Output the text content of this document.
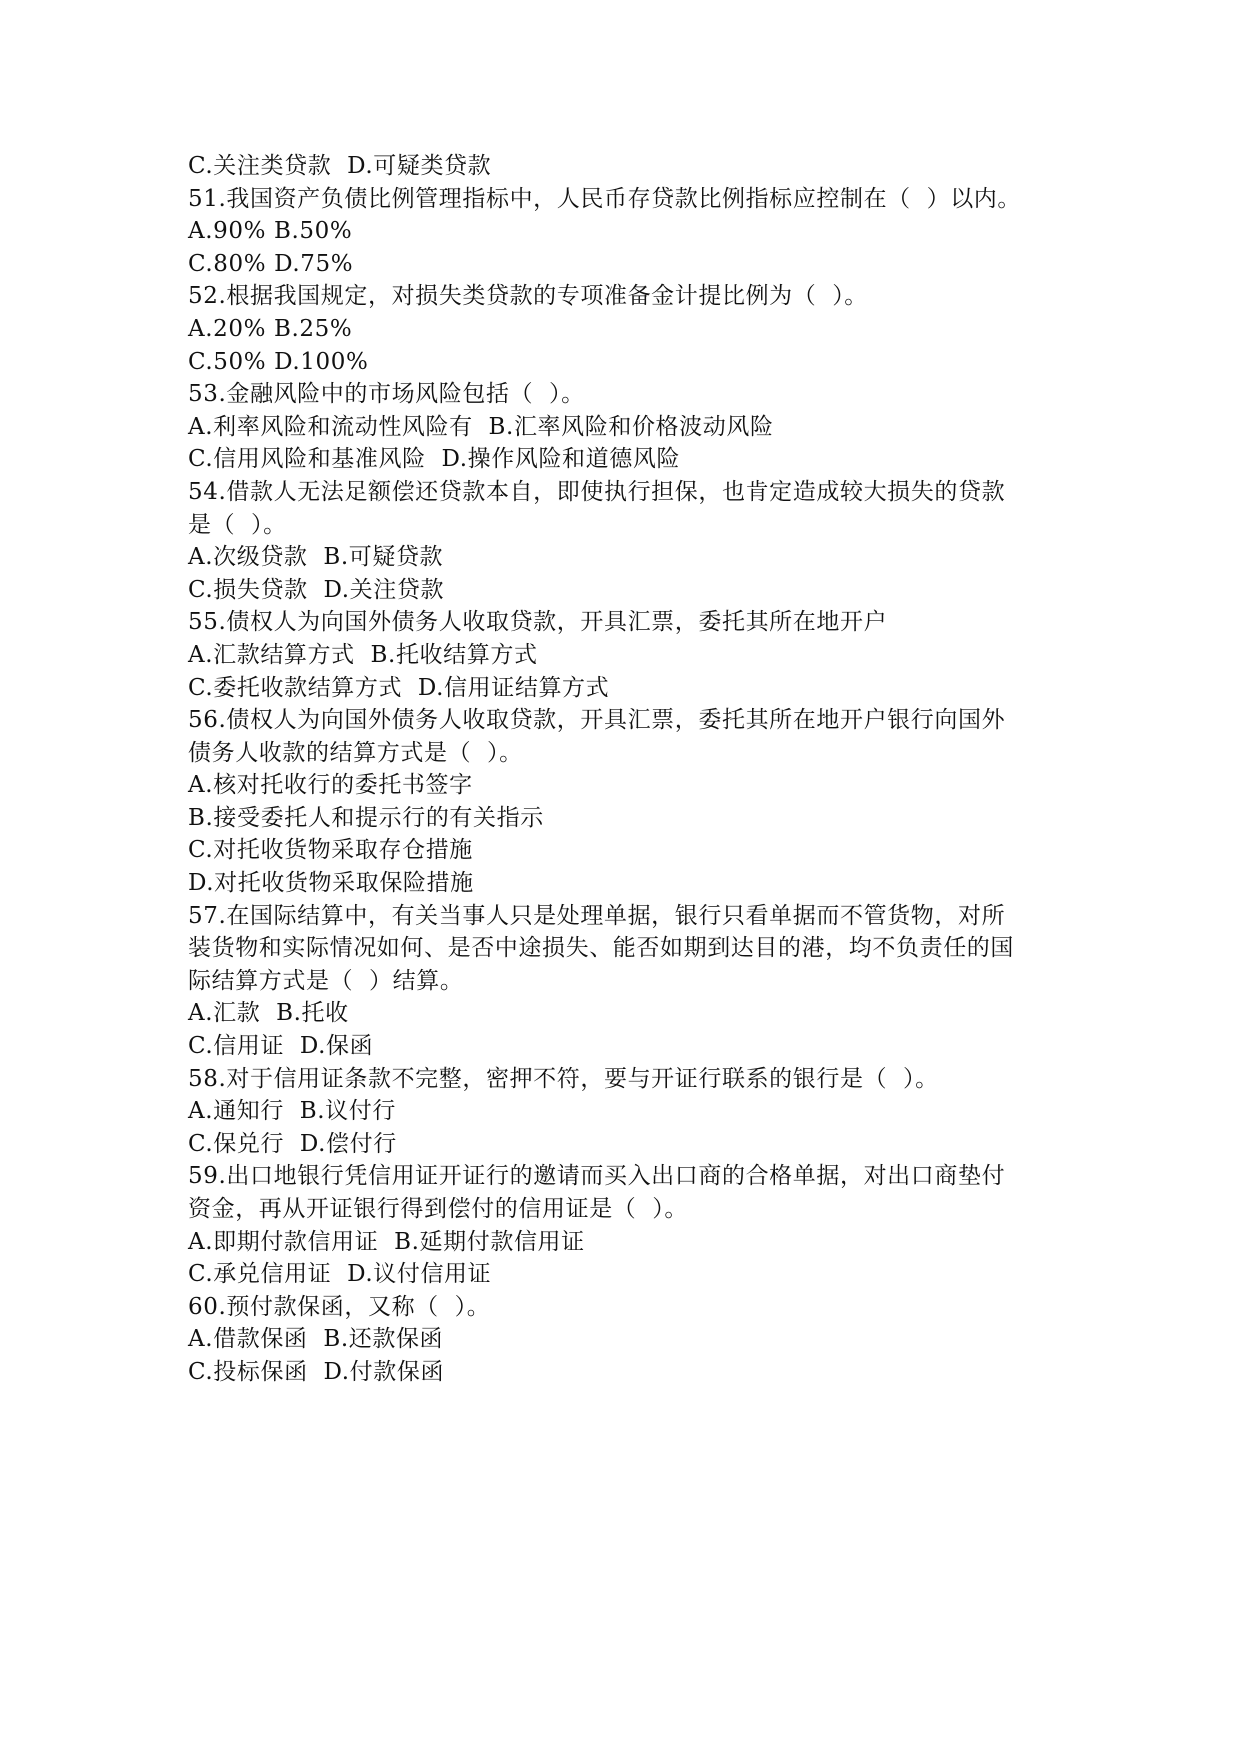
C.关注类贷款  D.可疑类贷款
51.我国资产负债比例管理指标中，人民币存贷款比例指标应控制在（  ）以内。
A.90% B.50%
C.80% D.75%
52.根据我国规定，对损失类贷款的专项准备金计提比例为（  ）。
A.20% B.25%
C.50% D.100%
53.金融风险中的市场风险包括（  ）。
A.利率风险和流动性风险有  B.汇率风险和价格波动风险
C.信用风险和基准风险  D.操作风险和道德风险
54.借款人无法足额偿还贷款本自，即使执行担保，也肯定造成较大损失的贷款
是（  ）。
A.次级贷款  B.可疑贷款
C.损失贷款  D.关注贷款
55.债权人为向国外债务人收取贷款，开具汇票，委托其所在地开户
A.汇款结算方式  B.托收结算方式
C.委托收款结算方式  D.信用证结算方式
56.债权人为向国外债务人收取贷款，开具汇票，委托其所在地开户银行向国外
债务人收款的结算方式是（  ）。
A.核对托收行的委托书签字
B.接受委托人和提示行的有关指示
C.对托收货物采取存仓措施
D.对托收货物采取保险措施
57.在国际结算中，有关当事人只是处理单据，银行只看单据而不管货物，对所
装货物和实际情况如何、是否中途损失、能否如期到达目的港，均不负责任的国
际结算方式是（  ）结算。
A.汇款  B.托收
C.信用证  D.保函
58.对于信用证条款不完整，密押不符，要与开证行联系的银行是（  ）。
A.通知行  B.议付行
C.保兑行  D.偿付行
59.出口地银行凭信用证开证行的邀请而买入出口商的合格单据，对出口商垫付
资金，再从开证银行得到偿付的信用证是（  ）。
A.即期付款信用证  B.延期付款信用证
C.承兑信用证  D.议付信用证
60.预付款保函，又称（  ）。
A.借款保函  B.还款保函
C.投标保函  D.付款保函
